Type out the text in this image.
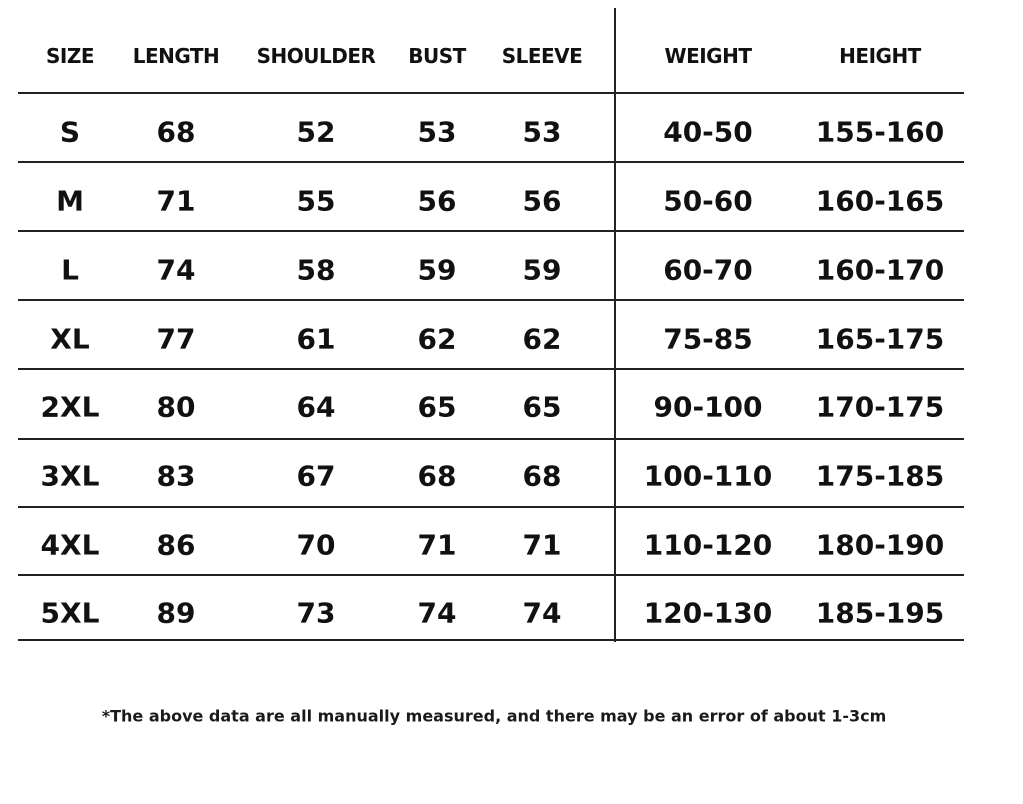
SIZE LENGTH SHOULDER BUST SLEEVE	WEIGHT	HEIGHT
S	68	52	53 53	40-50 155-160
M	71	55	56 56	50-60 160-165
L	74	58	59 59	60-70 160-170
XL 77	61	62 62	75-85 165-175
2XL 80	64	65 65	90-100 170-175
3XL 83	67	68 68	100-110 175-185
4XL 86	70	71 71	110-120 180-190
5XL 89	73	74 74	120-130 185-195
*The above data are all manually measured, and there may be an error of about 1-3cm
